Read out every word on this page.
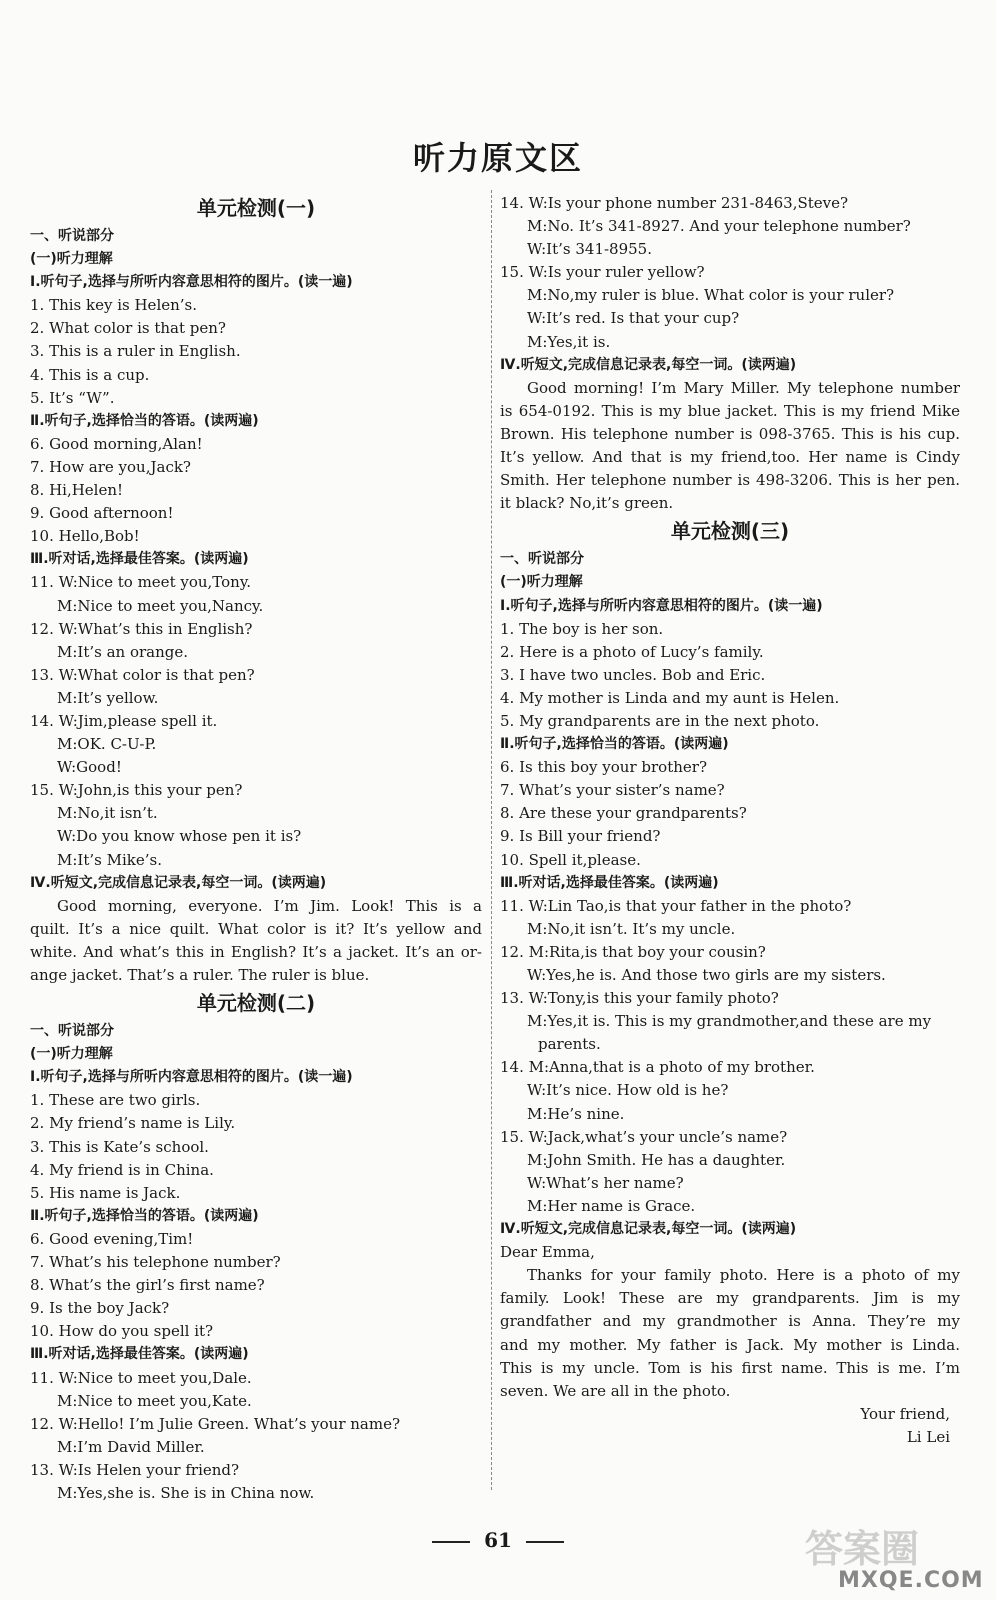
听力原文区
单元检测(一)
一、听说部分
(一)听力理解
Ⅰ.听句子,选择与所听内容意思相符的图片。(读一遍)
1. This key is Helen’s.
2. What color is that pen?
3. This is a ruler in English.
4. This is a cup.
5. It’s “W”.
Ⅱ.听句子,选择恰当的答语。(读两遍)
6. Good morning,Alan!
7. How are you,Jack?
8. Hi,Helen!
9. Good afternoon!
10. Hello,Bob!
Ⅲ.听对话,选择最佳答案。(读两遍)
11. W:Nice to meet you,Tony.
M:Nice to meet you,Nancy.
12. W:What’s this in English?
M:It’s an orange.
13. W:What color is that pen?
M:It’s yellow.
14. W:Jim,please spell it.
M:OK. C-U-P.
W:Good!
15. W:John,is this your pen?
M:No,it isn’t.
W:Do you know whose pen it is?
M:It’s Mike’s.
Ⅳ.听短文,完成信息记录表,每空一词。(读两遍)
Good morning, everyone. I’m Jim. Look! This is a
quilt. It’s a nice quilt. What color is it? It’s yellow and
white. And what’s this in English? It’s a jacket. It’s an or-
ange jacket. That’s a ruler. The ruler is blue.
单元检测(二)
一、听说部分
(一)听力理解
Ⅰ.听句子,选择与所听内容意思相符的图片。(读一遍)
1. These are two girls.
2. My friend’s name is Lily.
3. This is Kate’s school.
4. My friend is in China.
5. His name is Jack.
Ⅱ.听句子,选择恰当的答语。(读两遍)
6. Good evening,Tim!
7. What’s his telephone number?
8. What’s the girl’s first name?
9. Is the boy Jack?
10. How do you spell it?
Ⅲ.听对话,选择最佳答案。(读两遍)
11. W:Nice to meet you,Dale.
M:Nice to meet you,Kate.
12. W:Hello! I’m Julie Green. What’s your name?
M:I’m David Miller.
13. W:Is Helen your friend?
M:Yes,she is. She is in China now.
14. W:Is your phone number 231-8463,Steve?
M:No. It’s 341-8927. And your telephone number?
W:It’s 341-8955.
15. W:Is your ruler yellow?
M:No,my ruler is blue. What color is your ruler?
W:It’s red. Is that your cup?
M:Yes,it is.
Ⅳ.听短文,完成信息记录表,每空一词。(读两遍)
Good morning! I’m Mary Miller. My telephone number
is 654-0192. This is my blue jacket. This is my friend Mike
Brown. His telephone number is 098-3765. This is his cup.
It’s yellow. And that is my friend,too. Her name is Cindy
Smith. Her telephone number is 498-3206. This is her pen.
it black? No,it’s green.
单元检测(三)
一、听说部分
(一)听力理解
Ⅰ.听句子,选择与所听内容意思相符的图片。(读一遍)
1. The boy is her son.
2. Here is a photo of Lucy’s family.
3. I have two uncles. Bob and Eric.
4. My mother is Linda and my aunt is Helen.
5. My grandparents are in the next photo.
Ⅱ.听句子,选择恰当的答语。(读两遍)
6. Is this boy your brother?
7. What’s your sister’s name?
8. Are these your grandparents?
9. Is Bill your friend?
10. Spell it,please.
Ⅲ.听对话,选择最佳答案。(读两遍)
11. W:Lin Tao,is that your father in the photo?
M:No,it isn’t. It’s my uncle.
12. M:Rita,is that boy your cousin?
W:Yes,he is. And those two girls are my sisters.
13. W:Tony,is this your family photo?
M:Yes,it is. This is my grandmother,and these are my
parents.
14. M:Anna,that is a photo of my brother.
W:It’s nice. How old is he?
M:He’s nine.
15. W:Jack,what’s your uncle’s name?
M:John Smith. He has a daughter.
W:What’s her name?
M:Her name is Grace.
Ⅳ.听短文,完成信息记录表,每空一词。(读两遍)
Dear Emma,
Thanks for your family photo. Here is a photo of my
family. Look! These are my grandparents. Jim is my
grandfather and my grandmother is Anna. They’re my
and my mother. My father is Jack. My mother is Linda.
This is my uncle. Tom is his first name. This is me. I’m
seven. We are all in the photo.
Your friend,
Li Lei
61	答案圈
MXQE.COM
